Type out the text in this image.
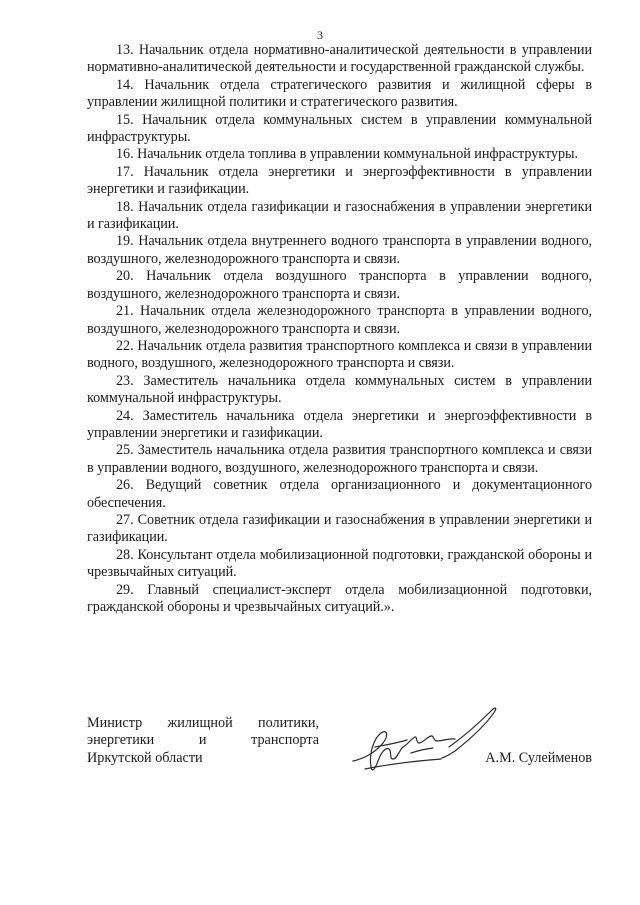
3
13. Начальник отдела нормативно-аналитической деятельности в управлении нормативно-аналитической деятельности и государственной гражданской службы.
14. Начальник отдела стратегического развития и жилищной сферы в управлении жилищной политики и стратегического развития.
15. Начальник отдела коммунальных систем в управлении коммунальной инфраструктуры.
16. Начальник отдела топлива в управлении коммунальной инфраструктуры.
17. Начальник отдела энергетики и энергоэффективности в управлении энергетики и газификации.
18. Начальник отдела газификации и газоснабжения в управлении энергетики и газификации.
19. Начальник отдела внутреннего водного транспорта в управлении водного, воздушного, железнодорожного транспорта и связи.
20. Начальник отдела воздушного транспорта в управлении водного, воздушного, железнодорожного транспорта и связи.
21. Начальник отдела железнодорожного транспорта в управлении водного, воздушного, железнодорожного транспорта и связи.
22. Начальник отдела развития транспортного комплекса и связи в управлении водного, воздушного, железнодорожного транспорта и связи.
23. Заместитель начальника отдела коммунальных систем в управлении коммунальной инфраструктуры.
24. Заместитель начальника отдела энергетики и энергоэффективности в управлении энергетики и газификации.
25. Заместитель начальника отдела развития транспортного комплекса и связи в управлении водного, воздушного, железнодорожного транспорта и связи.
26. Ведущий советник отдела организационного и документационного обеспечения.
27. Советник отдела газификации и газоснабжения в управлении энергетики и газификации.
28. Консультант отдела мобилизационной подготовки, гражданской обороны и чрезвычайных ситуаций.
29. Главный специалист-эксперт отдела мобилизационной подготовки, гражданской обороны и чрезвычайных ситуаций.».
Министр жилищной политики,
энергетики и транспорта
Иркутской области	А.М. Сулейменов
